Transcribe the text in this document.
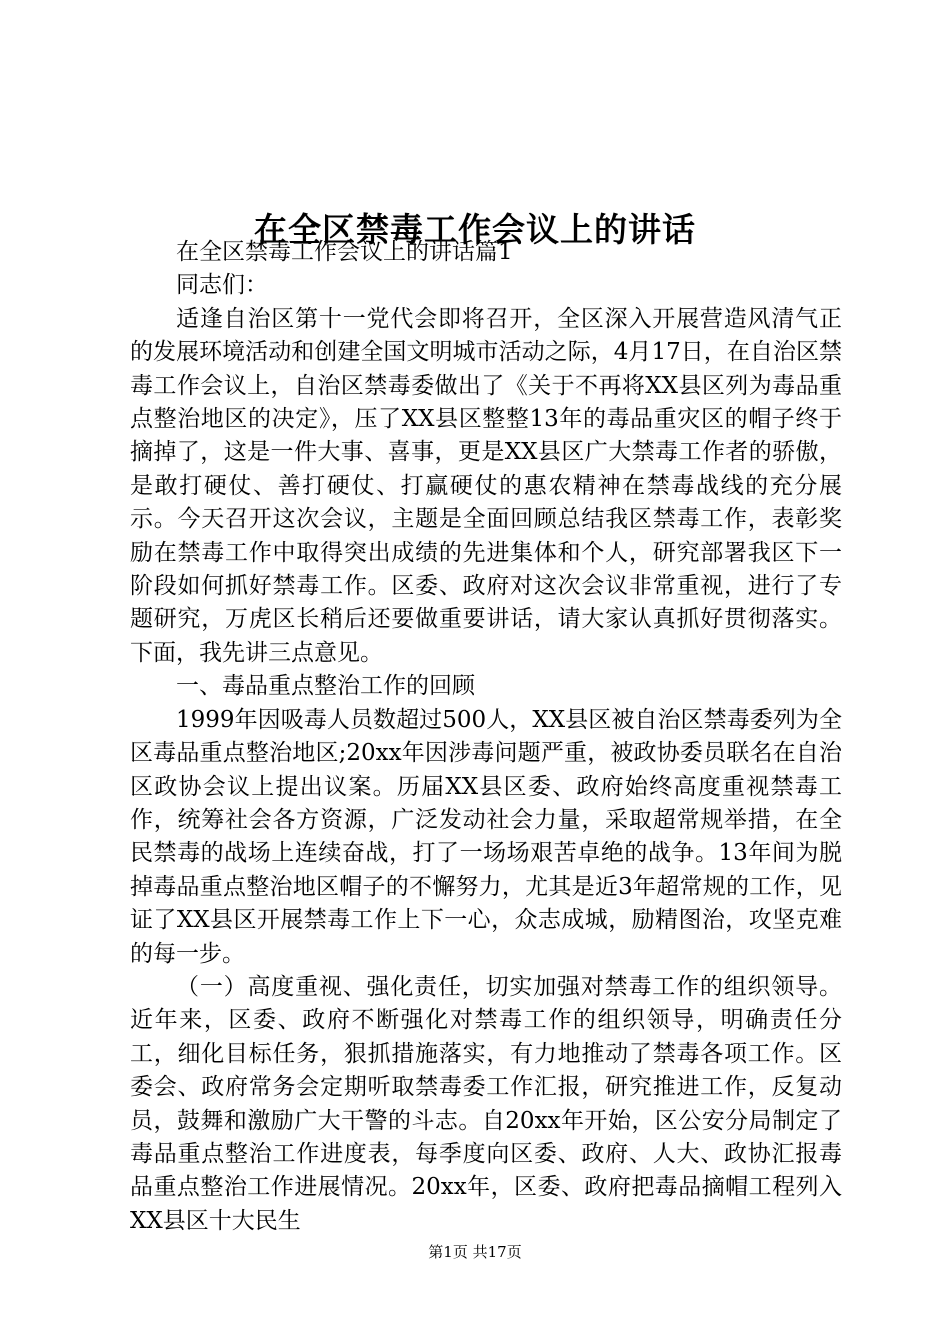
在全区禁毒工作会议上的讲话

在全区禁毒工作会议上的讲话篇1

同志们：

适逢自治区第十一党代会即将召开，全区深入开展营造风清气正的发展环境活动和创建全国文明城市活动之际，4月17日，在自治区禁毒工作会议上，自治区禁毒委做出了《关于不再将XX县区列为毒品重点整治地区的决定》，压了XX县区整整13年的毒品重灾区的帽子终于摘掉了，这是一件大事、喜事，更是XX县区广大禁毒工作者的骄傲，是敢打硬仗、善打硬仗、打赢硬仗的惠农精神在禁毒战线的充分展示。今天召开这次会议，主题是全面回顾总结我区禁毒工作，表彰奖励在禁毒工作中取得突出成绩的先进集体和个人，研究部署我区下一阶段如何抓好禁毒工作。区委、政府对这次会议非常重视，进行了专题研究，万虎区长稍后还要做重要讲话，请大家认真抓好贯彻落实。下面，我先讲三点意见。

一、毒品重点整治工作的回顾

1999年因吸毒人员数超过500人，XX县区被自治区禁毒委列为全区毒品重点整治地区;20xx年因涉毒问题严重，被政协委员联名在自治区政协会议上提出议案。历届XX县区委、政府始终高度重视禁毒工作，统筹社会各方资源，广泛发动社会力量，采取超常规举措，在全民禁毒的战场上连续奋战，打了一场场艰苦卓绝的战争。13年间为脱掉毒品重点整治地区帽子的不懈努力，尤其是近3年超常规的工作，见证了XX县区开展禁毒工作上下一心，众志成城，励精图治，攻坚克难的每一步。

（一）高度重视、强化责任，切实加强对禁毒工作的组织领导。近年来，区委、政府不断强化对禁毒工作的组织领导，明确责任分工，细化目标任务，狠抓措施落实，有力地推动了禁毒各项工作。区委会、政府常务会定期听取禁毒委工作汇报，研究推进工作，反复动员，鼓舞和激励广大干警的斗志。自20xx年开始，区公安分局制定了毒品重点整治工作进度表，每季度向区委、政府、人大、政协汇报毒品重点整治工作进展情况。20xx年，区委、政府把毒品摘帽工程列入XX县区十大民生

第1页 共17页
